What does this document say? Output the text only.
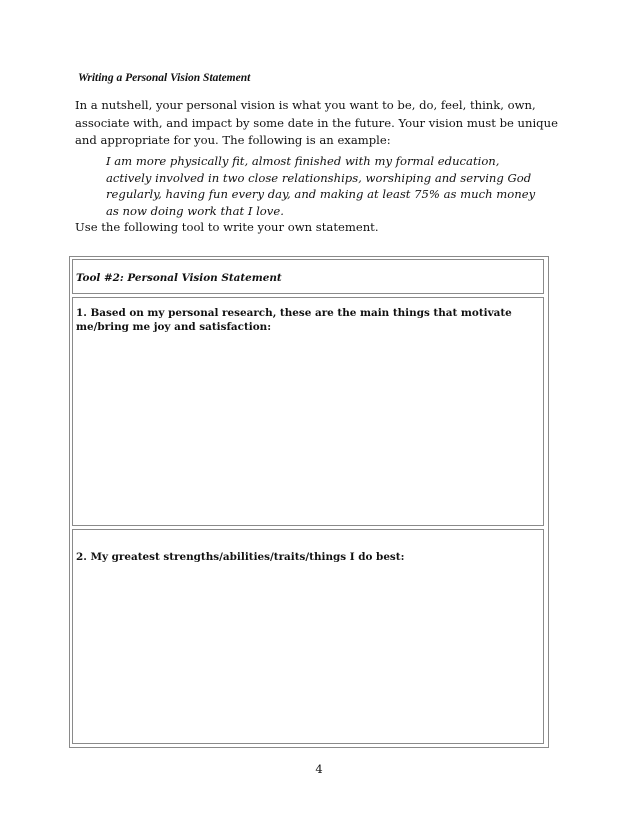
Writing a Personal Vision Statement

In a nutshell, your personal vision is what you want to be, do, feel, think, own, associate with, and impact by some date in the future. Your vision must be unique and appropriate for you. The following is an example:

I am more physically fit, almost finished with my formal education, actively involved in two close relationships, worshiping and serving God regularly, having fun every day, and making at least 75% as much money as now doing work that I love.

Use the following tool to write your own statement.

Tool #2: Personal Vision Statement

1. Based on my personal research, these are the main things that motivate me/bring me joy and satisfaction:

2. My greatest strengths/abilities/traits/things I do best:

4
